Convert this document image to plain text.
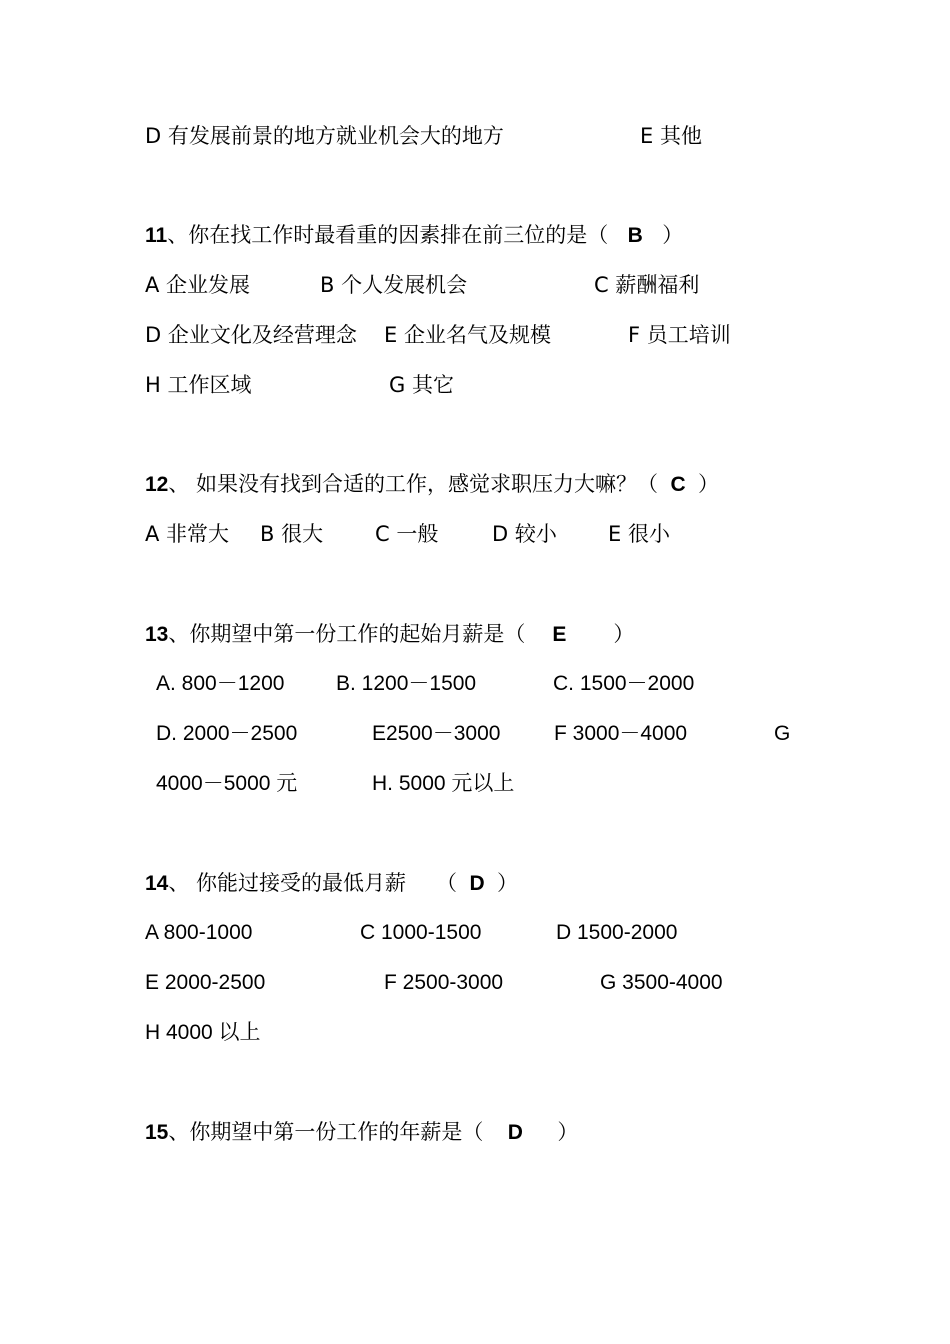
D 有发展前景的地方就业机会大的地方	E 其他
11、你在找工作时最看重的因素排在前三位的是（ B ）
A 企业发展	B 个人发展机会	C 薪酬福利
D 企业文化及经营理念 E 企业名气及规模	F 员工培训
H 工作区域	G 其它
12、 如果没有找到合适的工作，感觉求职压力大嘛？（ C ）
A 非常大 B 很大 C 一般	D 较小 E 很小
13、你期望中第一份工作的起始月薪是（ E ）
A. 800－1200 B. 1200－1500	C. 1500－2000
D. 2000－2500	E2500－3000	F 3000－4000	G
4000－5000 元	H. 5000 元以上
14、 你能过接受的最低月薪 （ D ）
A 800-1000	C 1000-1500	D 1500-2000
E 2000-2500	F 2500-3000	G 3500-4000
H 4000 以上
15、你期望中第一份工作的年薪是（ D ）
